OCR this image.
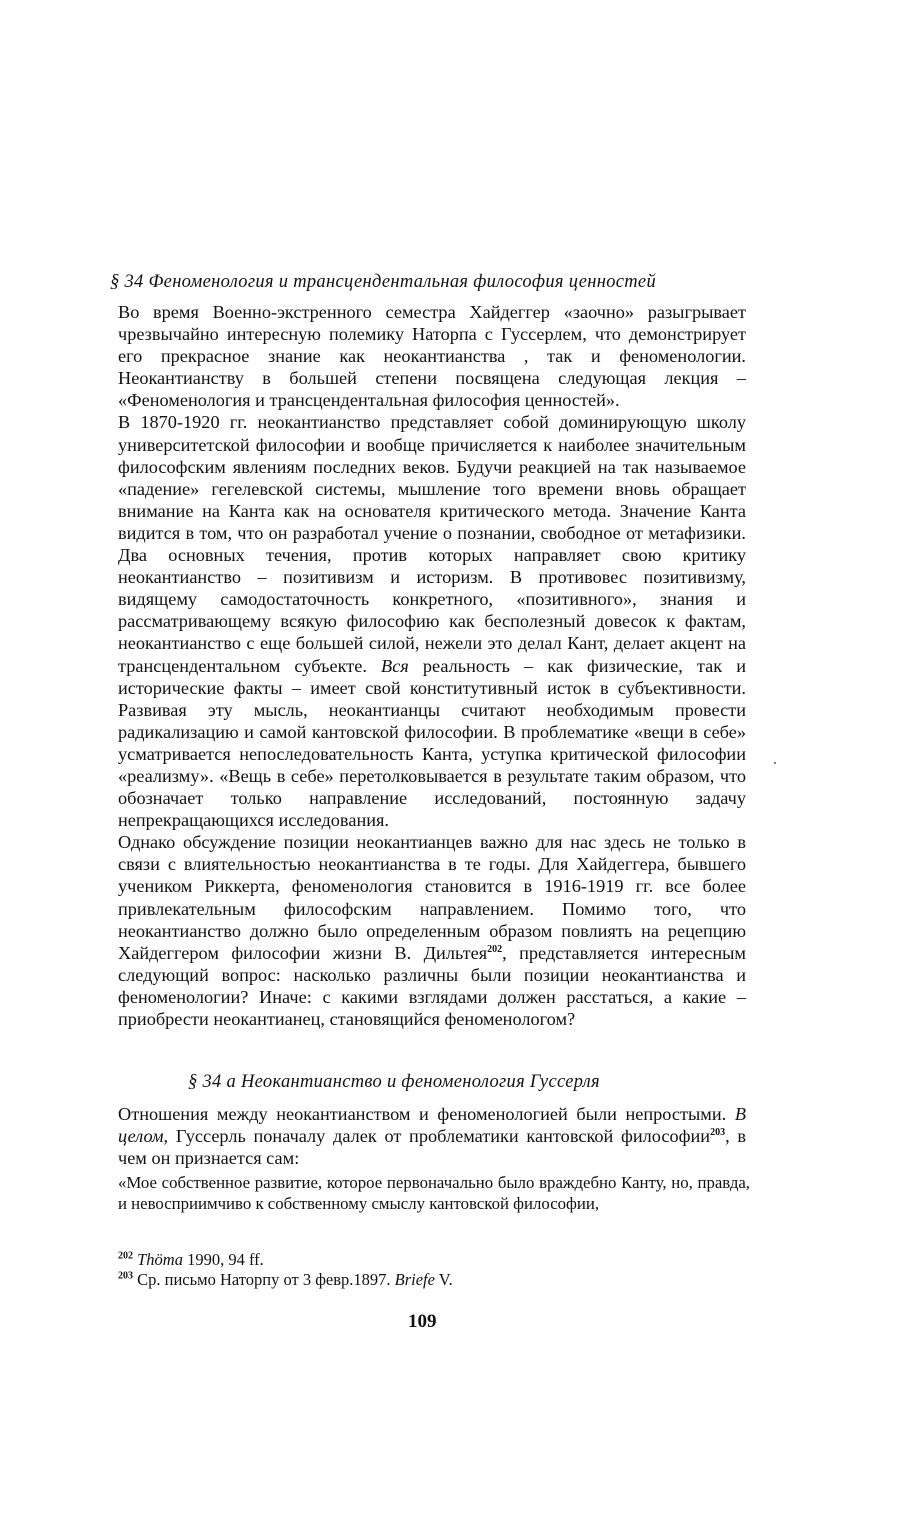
§ 34 Феноменология и трансцендентальная философия ценностей

Во время Военно-экстренного семестра Хайдеггер «заочно» разыгрывает чрезвычайно интересную полемику Наторпа с Гуссерлем, что демонстрирует его прекрасное знание как неокантианства , так и феноменологии. Неокантианству в большей степени посвящена следующая лекция – «Феноменология и трансцендентальная философия ценностей».

В 1870-1920 гг. неокантианство представляет собой доминирующую школу университетской философии и вообще причисляется к наиболее значительным философским явлениям последних веков. Будучи реакцией на так называемое «падение» гегелевской системы, мышление того времени вновь обращает внимание на Канта как на основателя критического метода. Значение Канта видится в том, что он разработал учение о познании, свободное от метафизики. Два основных течения, против которых направляет свою критику неокантианство – позитивизм и историзм. В противовес позитивизму, видящему самодостаточность конкретного, «позитивного», знания и рассматривающему всякую философию как бесполезный довесок к фактам, неокантианство с еще большей силой, нежели это делал Кант, делает акцент на трансцендентальном субъекте. Вся реальность – как физические, так и исторические факты – имеет свой конститутивный исток в субъективности. Развивая эту мысль, неокантианцы считают необходимым провести радикализацию и самой кантовской философии. В проблематике «вещи в себе» усматривается непоследовательность Канта, уступка критической философии «реализму». «Вещь в себе» перетолковывается в результате таким образом, что обозначает только направление исследований, постоянную задачу непрекращающихся исследования.

Однако обсуждение позиции неокантианцев важно для нас здесь не только в связи с влиятельностью неокантианства в те годы. Для Хайдеггера, бывшего учеником Риккерта, феноменология становится в 1916-1919 гг. все более привлекательным философским направлением. Помимо того, что неокантианство должно было определенным образом повлиять на рецепцию Хайдеггером философии жизни В. Дильтея$^{202}$, представляется интересным следующий вопрос: насколько различны были позиции неокантианства и феноменологии? Иначе: с какими взглядами должен расстаться, а какие – приобрести неокантианец, становящийся феноменологом?

§ 34 а Неокантианство и феноменология Гуссерля

Отношения между неокантианством и феноменологией были непростыми. В целом, Гуссерль поначалу далек от проблематики кантовской философии$^{203}$, в чем он признается сам:

«Мое собственное развитие, которое первоначально было враждебно Канту, но, правда, и невосприимчиво к собственному смыслу кантовской философии,

$^{202}$ Thöma 1990, 94 ff.

$^{203}$ Ср. письмо Наторпу от 3 февр.1897. Briefe V.

109
